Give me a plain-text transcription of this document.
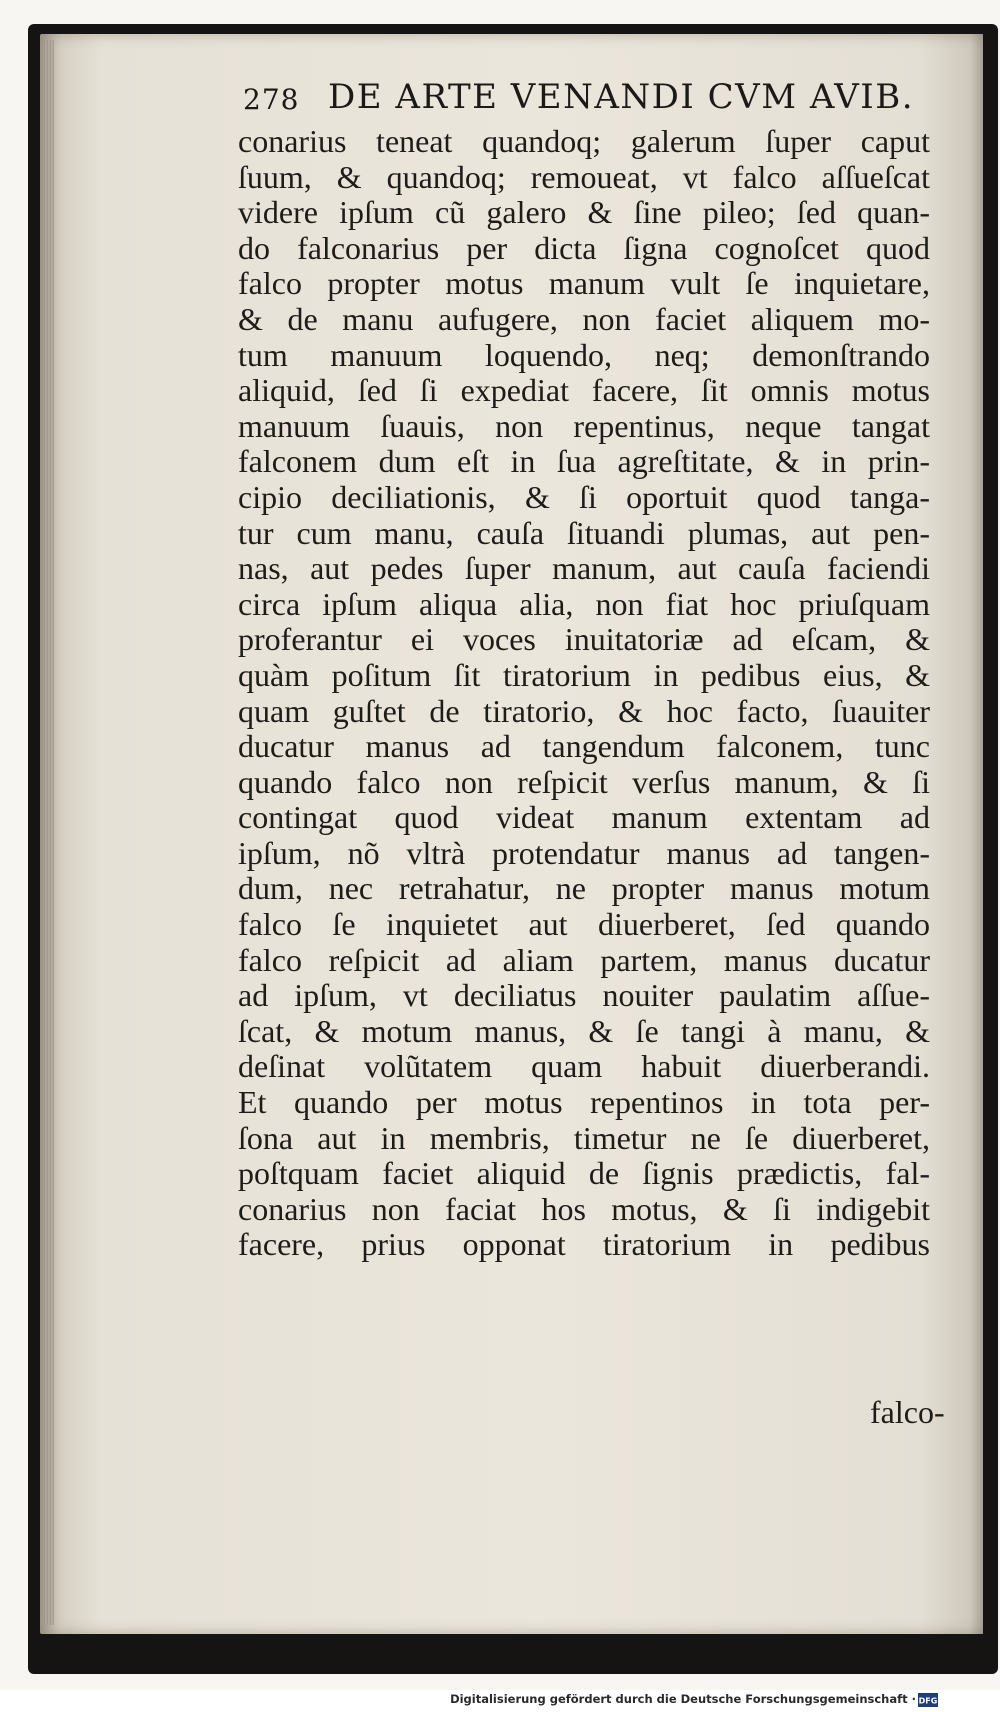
278 DE ARTE VENANDI CVM AVIB.
conarius teneat quandoq; galerum ſuper caput
ſuum, & quandoq; remoueat, vt falco aſſueſcat
videre ipſum cũ galero & ſine pileo; ſed quan-
do falconarius per dicta ſigna cognoſcet quod
falco propter motus manum vult ſe inquietare,
& de manu aufugere, non faciet aliquem mo-
tum manuum loquendo, neq; demonſtrando
aliquid, ſed ſi expediat facere, ſit omnis motus
manuum ſuauis, non repentinus, neque tangat
falconem dum eſt in ſua agreſtitate, & in prin-
cipio deciliationis, & ſi oportuit quod tanga-
tur cum manu, cauſa ſituandi plumas, aut pen-
nas, aut pedes ſuper manum, aut cauſa faciendi
circa ipſum aliqua alia, non fiat hoc priuſquam
proferantur ei voces inuitatoriæ ad eſcam, &
quàm poſitum ſit tiratorium in pedibus eius, &
quam guſtet de tiratorio, & hoc facto, ſuauiter
ducatur manus ad tangendum falconem, tunc
quando falco non reſpicit verſus manum, & ſi
contingat quod videat manum extentam ad
ipſum, nõ vltrà protendatur manus ad tangen-
dum, nec retrahatur, ne propter manus motum
falco ſe inquietet aut diuerberet, ſed quando
falco reſpicit ad aliam partem, manus ducatur
ad ipſum, vt deciliatus nouiter paulatim aſſue-
ſcat, & motum manus, & ſe tangi à manu, &
deſinat volũtatem quam habuit diuerberandi.
Et quando per motus repentinos in tota per-
ſona aut in membris, timetur ne ſe diuerberet,
poſtquam faciet aliquid de ſignis prædictis, fal-
conarius non faciat hos motus, & ſi indigebit
facere, prius opponat tiratorium in pedibus
falco-
Digitalisierung gefördert durch die Deutsche Forschungsgemeinschaft · DFG
